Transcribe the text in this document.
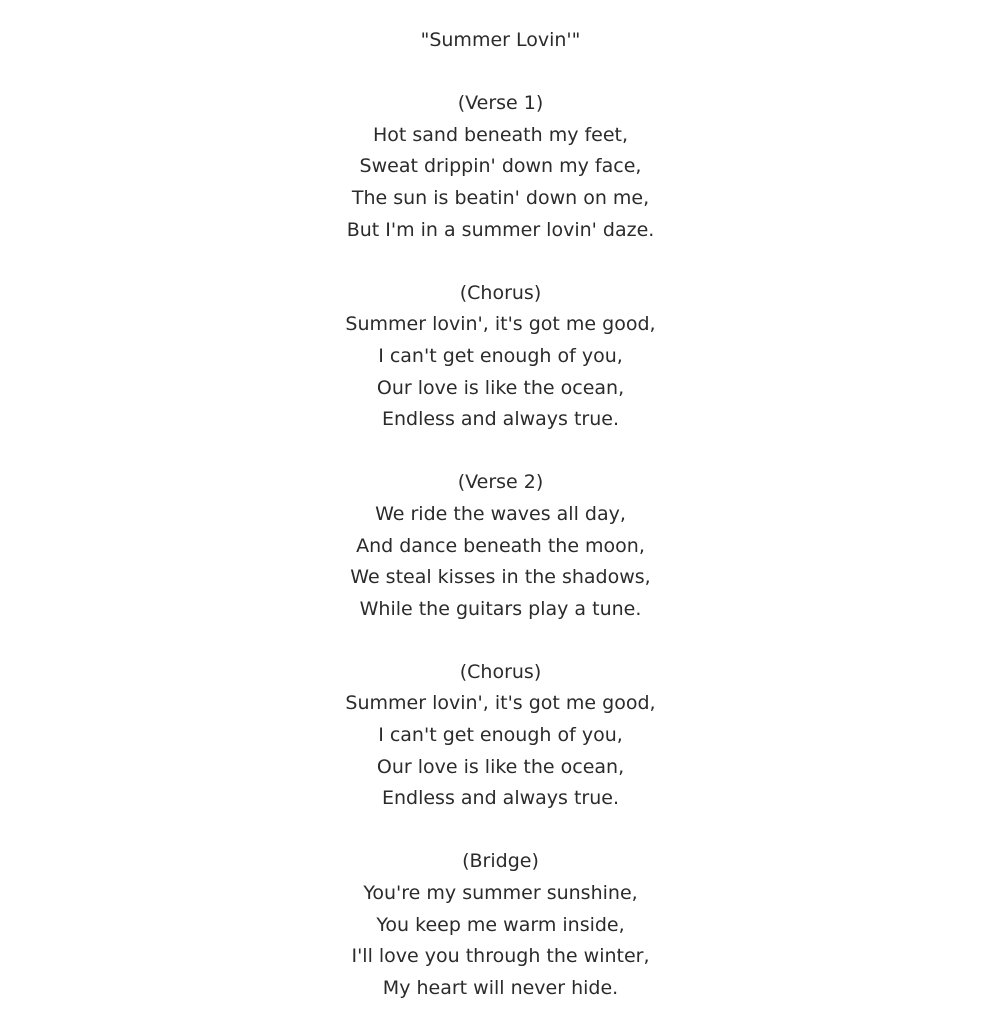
"Summer Lovin'"
(Verse 1)
Hot sand beneath my feet,
Sweat drippin' down my face,
The sun is beatin' down on me,
But I'm in a summer lovin' daze.
(Chorus)
Summer lovin', it's got me good,
I can't get enough of you,
Our love is like the ocean,
Endless and always true.
(Verse 2)
We ride the waves all day,
And dance beneath the moon,
We steal kisses in the shadows,
While the guitars play a tune.
(Chorus)
Summer lovin', it's got me good,
I can't get enough of you,
Our love is like the ocean,
Endless and always true.
(Bridge)
You're my summer sunshine,
You keep me warm inside,
I'll love you through the winter,
My heart will never hide.
